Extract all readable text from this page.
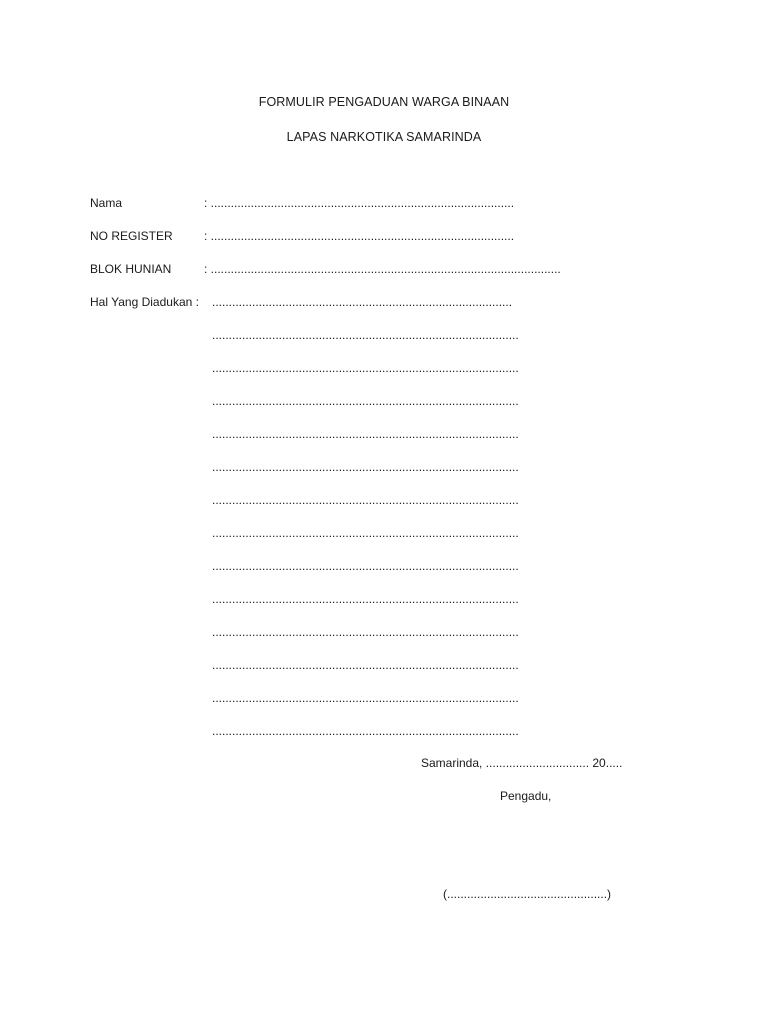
FORMULIR PENGADUAN WARGA BINAAN
LAPAS NARKOTIKA SAMARINDA
Nama	: ...........................................................................................
NO REGISTER	: ...........................................................................................
BLOK HUNIAN	: .........................................................................................................
Hal Yang Diadukan : ..........................................................................................
............................................................................................
............................................................................................
............................................................................................
............................................................................................
............................................................................................
............................................................................................
............................................................................................
............................................................................................
............................................................................................
............................................................................................
............................................................................................
............................................................................................
............................................................................................
Samarinda, ............................... 20.....
Pengadu,
(................................................)
